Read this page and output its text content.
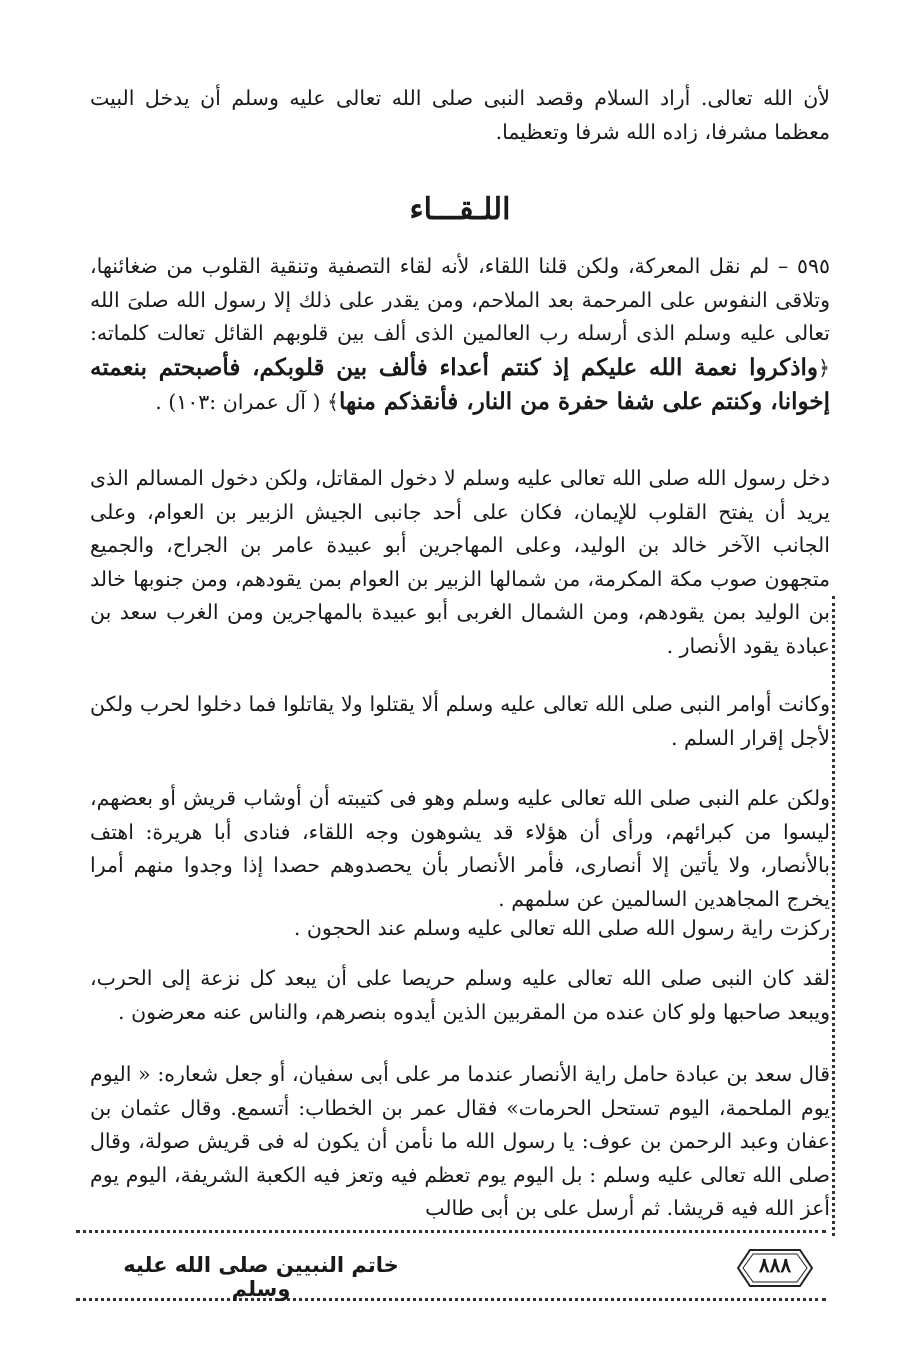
لأن الله تعالى. أراد السلام وقصد النبى صلى الله تعالى عليه وسلم أن يدخل البيت معظما مشرفا، زاده الله شرفا وتعظيما.

اللـقـــاء

٥٩٥ – لم نقل المعركة، ولكن قلنا اللقاء، لأنه لقاء التصفية وتنقية القلوب من ضغائنها، وتلاقى النفوس على المرحمة بعد الملاحم، ومن يقدر على ذلك إلا رسول الله صلىَ الله تعالى عليه وسلم الذى أرسله رب العالمين الذى ألف بين قلوبهم القائل تعالت كلماته: ﴿واذكروا نعمة الله عليكم إذ كنتم أعداء فألف بين قلوبكم، فأصبحتم بنعمته إخوانا، وكنتم على شفا حفرة من النار، فأنقذكم منها﴾ ( آل عمران :١٠٣) .

دخل رسول الله صلى الله تعالى عليه وسلم لا دخول المقاتل، ولكن دخول المسالم الذى يريد أن يفتح القلوب للإيمان، فكان على أحد جانبى الجيش الزبير بن العوام، وعلى الجانب الآخر خالد بن الوليد، وعلى المهاجرين أبو عبيدة عامر بن الجراح، والجميع متجهون صوب مكة المكرمة، من شمالها الزبير بن العوام بمن يقودهم، ومن جنوبها خالد بن الوليد بمن يقودهم، ومن الشمال الغربى أبو عبيدة بالمهاجرين ومن الغرب سعد بن عبادة يقود الأنصار .

وكانت أوامر النبى صلى الله تعالى عليه وسلم ألا يقتلوا ولا يقاتلوا فما دخلوا لحرب ولكن لأجل إقرار السلم .

ولكن علم النبى صلى الله تعالى عليه وسلم وهو فى كتيبته أن أوشاب قريش أو بعضهم، ليسوا من كبرائهم، ورأى أن هؤلاء قد يشوهون وجه اللقاء، فنادى أبا هريرة: اهتف بالأنصار، ولا يأتين إلا أنصارى، فأمر الأنصار بأن يحصدوهم حصدا إذا وجدوا منهم أمرا يخرج المجاهدين السالمين عن سلمهم .

ركزت راية رسول الله صلى الله تعالى عليه وسلم عند الحجون .

لقد كان النبى صلى الله تعالى عليه وسلم حريصا على أن يبعد كل نزعة إلى الحرب، ويبعد صاحبها ولو كان عنده من المقربين الذين أيدوه بنصرهم، والناس عنه معرضون .

قال سعد بن عبادة حامل راية الأنصار عندما مر على أبى سفيان، أو جعل شعاره: « اليوم يوم الملحمة، اليوم تستحل الحرمات» فقال عمر بن الخطاب: أتسمع. وقال عثمان بن عفان وعبد الرحمن بن عوف: يا رسول الله ما نأمن أن يكون له فى قريش صولة، وقال صلى الله تعالى عليه وسلم : بل اليوم يوم تعظم فيه وتعز فيه الكعبة الشريفة، اليوم يوم أعز الله فيه قريشا. ثم أرسل على بن أبى طالب

خاتم النبيين صلى الله عليه وسلم
٨٨٨
